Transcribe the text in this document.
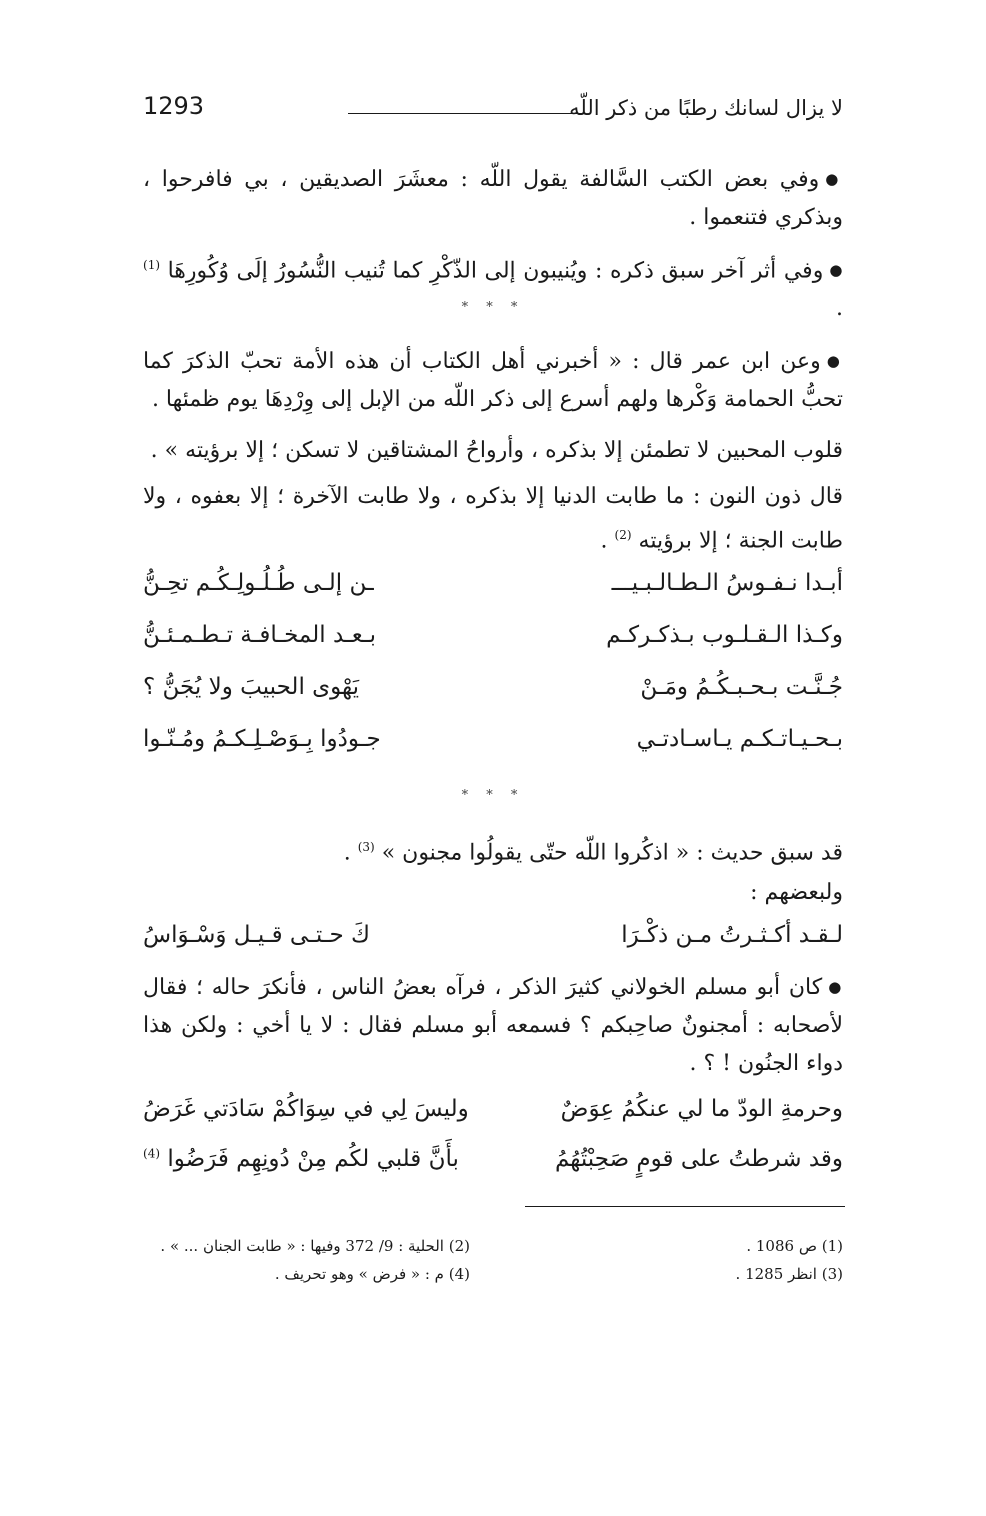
لا يزال لسانك رطبًا من ذكر اللّه
1293

●وفي بعض الكتب السَّالفة يقول اللّه : معشَرَ الصديقين ، بي فافرحوا ، وبذكري فتنعموا .

●وفي أثر آخر سبق ذكره : ويُنيبون إلى الذّكْرِ كما تُنيب النُّسُورُ إلَى وُكُورِهَا $^{(1)}$ .

* * *

●وعن ابن عمر قال : « أخبرني أهل الكتاب أن هذه الأمة تحبّ الذكرَ كما تحبُّ الحمامة وَكْرها ولهم أسرع إلى ذكر اللّه من الإبل إلى وِرْدِهَا يوم ظمئها .

قلوب المحبين لا تطمئن إلا بذكره ، وأرواحُ المشتاقين لا تسكن ؛ إلا برؤيته » .

قال ذون النون : ما طابت الدنيا إلا بذكره ، ولا طابت الآخرة ؛ إلا بعفوه ، ولا طابت الجنة ؛ إلا برؤيته $^{(2)}$ .

أبـدا نـفـوسُ الـطـالـبـيـــ
ـن إلـى طُـلُـولِـكُـم تحِـنُّ
وكـذا الـقـلـوب بـذكـركـم
بـعـد المخـافـة تـطـمـئـنُّ
جُـنَّـت بـحـبـكُـمُ ومَـنْ
يَهْوى الحبيبَ ولا يُجَنُّ ؟
بـحـيـاتـكـم يـاسـادتـي
جـودُوا بِـوَصْـلِـكـمُ ومُـنّـوا
* * *

قد سبق حديث : « اذكُروا اللّه حتّى يقولُوا مجنون » $^{(3)}$ .

ولبعضهم :

لـقـد أكـثـرتُ مـن ذكْـرَا
كَ حـتـى قـيـل وَسْـوَاسُ

●كان أبو مسلم الخولاني كثيرَ الذكر ، فرآه بعضُ الناس ، فأنكرَ حاله ؛ فقال لأصحابه : أمجنونٌ صاحِبكم ؟ فسمعه أبو مسلم فقال : لا يا أخي : ولكن هذا دواء الجنُون ! ؟ .

وحرمةِ الودّ ما لي عنكُمُ عِوَضٌ
وليسَ لِي في سِوَاكُمْ سَادَتي غَرَضُ
وقد شرطتُ على قومٍ صَحِبْتُهُمُ
بأَنَّ قلبي لكُم مِنْ دُونِهِم فَرَضُوا $^{(4)}$
(1) ص 1086 .
(2) الحلية : 9/ 372 وفيها : « طابت الجنان ... » .
(3) انظر 1285 .
(4) م : « فرض » وهو تحريف .
